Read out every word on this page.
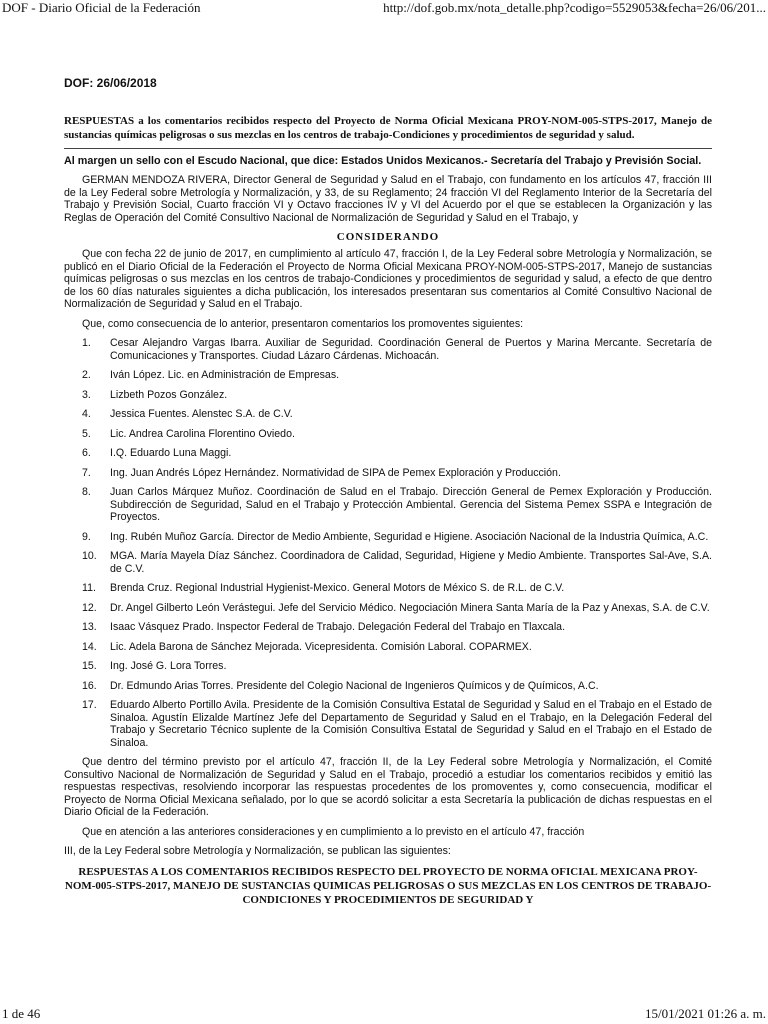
DOF - Diario Oficial de la Federación	http://dof.gob.mx/nota_detalle.php?codigo=5529053&fecha=26/06/201...
DOF: 26/06/2018
RESPUESTAS a los comentarios recibidos respecto del Proyecto de Norma Oficial Mexicana PROY-NOM-005-STPS-2017, Manejo de sustancias químicas peligrosas o sus mezclas en los centros de trabajo-Condiciones y procedimientos de seguridad y salud.
Al margen un sello con el Escudo Nacional, que dice: Estados Unidos Mexicanos.- Secretaría del Trabajo y Previsión Social.

GERMAN MENDOZA RIVERA, Director General de Seguridad y Salud en el Trabajo, con fundamento en los artículos 47, fracción III de la Ley Federal sobre Metrología y Normalización, y 33, de su Reglamento; 24 fracción VI del Reglamento Interior de la Secretaría del Trabajo y Previsión Social, Cuarto fracción VI y Octavo fracciones IV y VI del Acuerdo por el que se establecen la Organización y las Reglas de Operación del Comité Consultivo Nacional de Normalización de Seguridad y Salud en el Trabajo, y

CONSIDERANDO

Que con fecha 22 de junio de 2017, en cumplimiento al artículo 47, fracción I, de la Ley Federal sobre Metrología y Normalización, se publicó en el Diario Oficial de la Federación el Proyecto de Norma Oficial Mexicana PROY-NOM-005-STPS-2017, Manejo de sustancias químicas peligrosas o sus mezclas en los centros de trabajo-Condiciones y procedimientos de seguridad y salud, a efecto de que dentro de los 60 días naturales siguientes a dicha publicación, los interesados presentaran sus comentarios al Comité Consultivo Nacional de Normalización de Seguridad y Salud en el Trabajo.

Que, como consecuencia de lo anterior, presentaron comentarios los promoventes siguientes:

1. Cesar Alejandro Vargas Ibarra. Auxiliar de Seguridad. Coordinación General de Puertos y Marina Mercante. Secretaría de Comunicaciones y Transportes. Ciudad Lázaro Cárdenas. Michoacán.
2. Iván López. Lic. en Administración de Empresas.
3. Lizbeth Pozos González.
4. Jessica Fuentes. Alenstec S.A. de C.V.
5. Lic. Andrea Carolina Florentino Oviedo.
6. I.Q. Eduardo Luna Maggi.
7. Ing. Juan Andrés López Hernández. Normatividad de SIPA de Pemex Exploración y Producción.
8. Juan Carlos Márquez Muñoz. Coordinación de Salud en el Trabajo. Dirección General de Pemex Exploración y Producción. Subdirección de Seguridad, Salud en el Trabajo y Protección Ambiental. Gerencia del Sistema Pemex SSPA e Integración de Proyectos.
9. Ing. Rubén Muñoz García. Director de Medio Ambiente, Seguridad e Higiene. Asociación Nacional de la Industria Química, A.C.
10. MGA. María Mayela Díaz Sánchez. Coordinadora de Calidad, Seguridad, Higiene y Medio Ambiente. Transportes Sal-Ave, S.A. de C.V.
11. Brenda Cruz. Regional Industrial Hygienist-Mexico. General Motors de México S. de R.L. de C.V.
12. Dr. Angel Gilberto León Verástegui. Jefe del Servicio Médico. Negociación Minera Santa María de la Paz y Anexas, S.A. de C.V.
13. Isaac Vásquez Prado. Inspector Federal de Trabajo. Delegación Federal del Trabajo en Tlaxcala.
14. Lic. Adela Barona de Sánchez Mejorada. Vicepresidenta. Comisión Laboral. COPARMEX.
15. Ing. José G. Lora Torres.
16. Dr. Edmundo Arias Torres. Presidente del Colegio Nacional de Ingenieros Químicos y de Químicos, A.C.
17. Eduardo Alberto Portillo Avila. Presidente de la Comisión Consultiva Estatal de Seguridad y Salud en el Trabajo en el Estado de Sinaloa. Agustín Elizalde Martínez Jefe del Departamento de Seguridad y Salud en el Trabajo, en la Delegación Federal del Trabajo y Secretario Técnico suplente de la Comisión Consultiva Estatal de Seguridad y Salud en el Trabajo en el Estado de Sinaloa.

Que dentro del término previsto por el artículo 47, fracción II, de la Ley Federal sobre Metrología y Normalización, el Comité Consultivo Nacional de Normalización de Seguridad y Salud en el Trabajo, procedió a estudiar los comentarios recibidos y emitió las respuestas respectivas, resolviendo incorporar las respuestas procedentes de los promoventes y, como consecuencia, modificar el Proyecto de Norma Oficial Mexicana señalado, por lo que se acordó solicitar a esta Secretaría la publicación de dichas respuestas en el Diario Oficial de la Federación.

Que en atención a las anteriores consideraciones y en cumplimiento a lo previsto en el artículo 47, fracción

III, de la Ley Federal sobre Metrología y Normalización, se publican las siguientes:

RESPUESTAS A LOS COMENTARIOS RECIBIDOS RESPECTO DEL PROYECTO DE NORMA OFICIAL MEXICANA PROY-NOM-005-STPS-2017, MANEJO DE SUSTANCIAS QUIMICAS PELIGROSAS O SUS MEZCLAS EN LOS CENTROS DE TRABAJO-CONDICIONES Y PROCEDIMIENTOS DE SEGURIDAD Y
1 de 46	15/01/2021 01:26 a. m.
